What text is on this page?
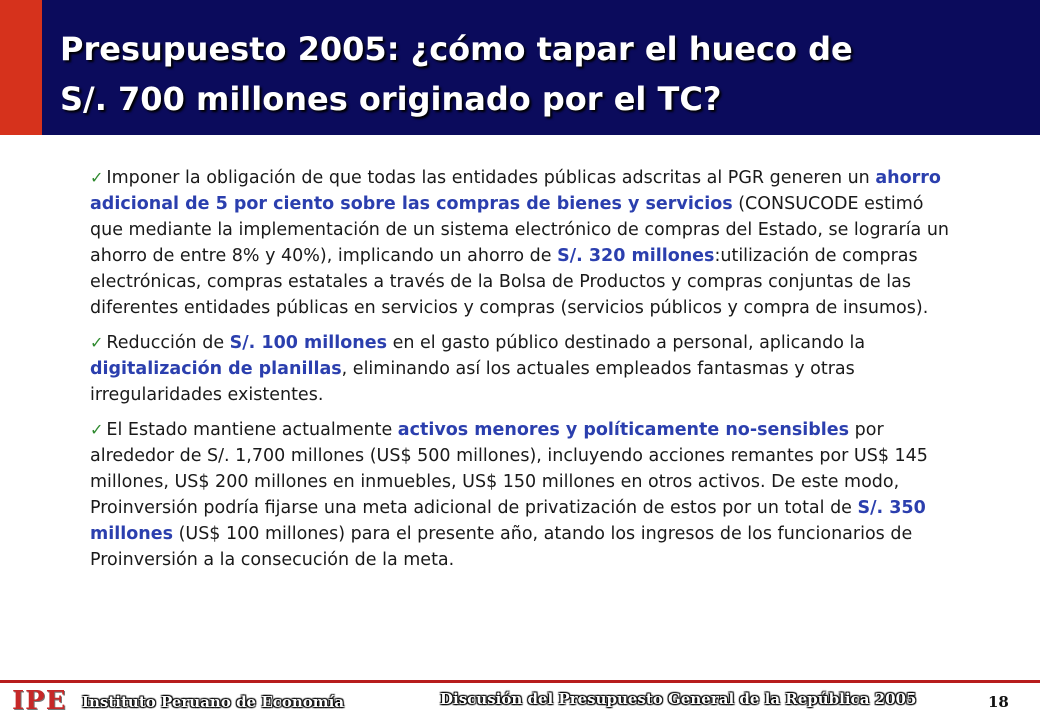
Presupuesto 2005: ¿cómo tapar el hueco de
S/. 700 millones originado por el TC?

✓ Imponer la obligación de que todas las entidades públicas adscritas al PGR generen un ahorro adicional de 5 por ciento sobre las compras de bienes y servicios (CONSUCODE estimó que mediante la implementación de un sistema electrónico de compras del Estado, se lograría un ahorro de entre 8% y 40%), implicando un ahorro de S/. 320 millones:utilización de compras electrónicas, compras estatales a través de la Bolsa de Productos y compras conjuntas de las diferentes entidades públicas en servicios y compras (servicios públicos y compra de insumos).

✓ Reducción de S/. 100 millones en el gasto público destinado a personal, aplicando la digitalización de planillas, eliminando así los actuales empleados fantasmas y otras irregularidades existentes.

✓ El Estado mantiene actualmente activos menores y políticamente no-sensibles por alrededor de S/. 1,700 millones (US$ 500 millones), incluyendo acciones remantes por US$ 145 millones, US$ 200 millones en inmuebles, US$ 150 millones en otros activos. De este modo, Proinversión podría fijarse una meta adicional de privatización de estos por un total de S/. 350 millones (US$ 100 millones) para el presente año, atando los ingresos de los funcionarios de Proinversión a la consecución de la meta.

IPE Instituto Peruano de Economía	Discusión del Presupuesto General de la República 2005	18
